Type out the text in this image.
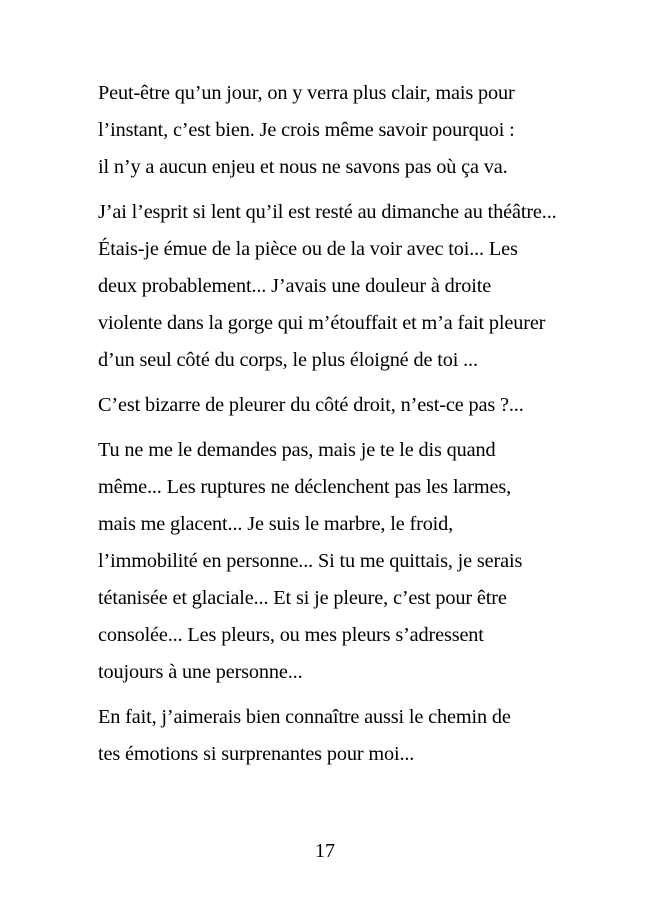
Peut-être qu’un jour, on y verra plus clair, mais pour
l’instant, c’est bien. Je crois même savoir pourquoi :
il n’y a aucun enjeu et nous ne savons pas où ça va.

J’ai l’esprit si lent qu’il est resté au dimanche au théâtre...
Étais-je émue de la pièce ou de la voir avec toi... Les
deux probablement... J’avais une douleur à droite
violente dans la gorge qui m’étouffait et m’a fait pleurer
d’un seul côté du corps, le plus éloigné de toi ...

C’est bizarre de pleurer du côté droit, n’est-ce pas ?...

Tu ne me le demandes pas, mais je te le dis quand
même... Les ruptures ne déclenchent pas les larmes,
mais me glacent... Je suis le marbre, le froid,
l’immobilité en personne... Si tu me quittais, je serais
tétanisée et glaciale... Et si je pleure, c’est pour être
consolée... Les pleurs, ou mes pleurs s’adressent
toujours à une personne...

En fait, j’aimerais bien connaître aussi le chemin de
tes émotions si surprenantes pour moi...

17
